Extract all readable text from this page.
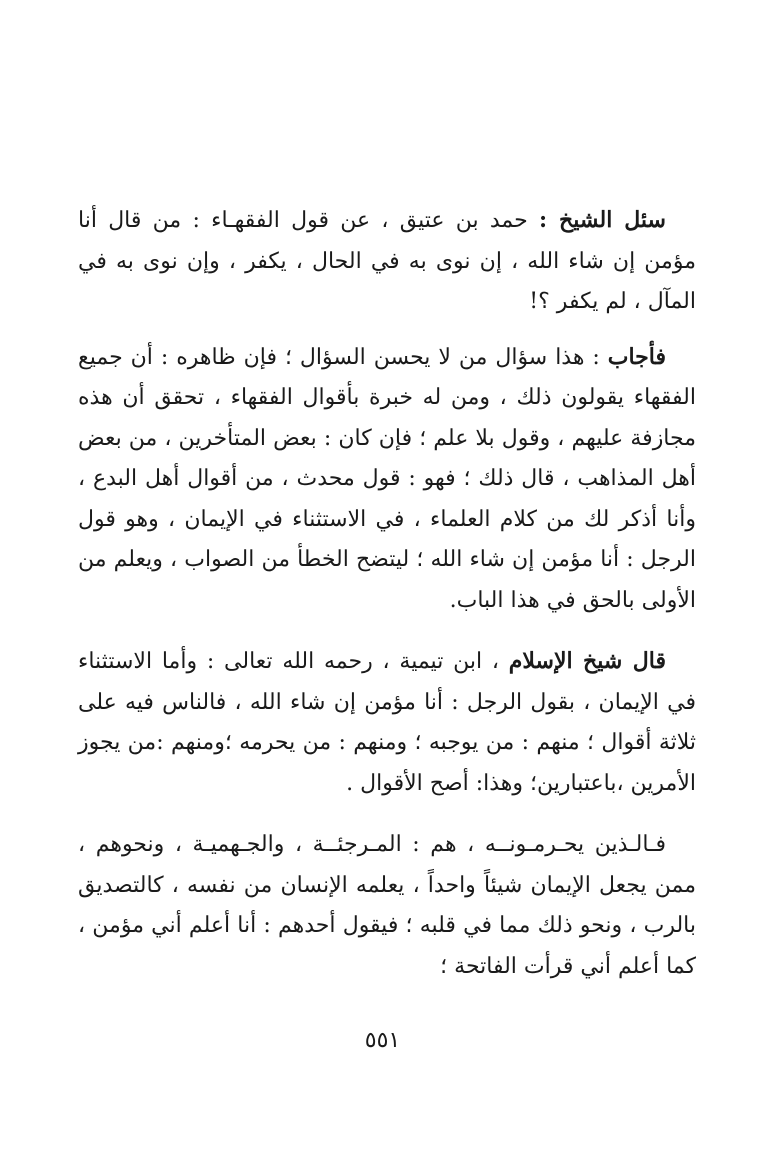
سئل الشيخ : حمد بن عتيق ، عن قول الفقهـاء : من قال أنا مؤمن إن شاء الله ، إن نوى به في الحال ، يكفر ، وإن نوى به في المآل ، لم يكفر ؟!

فأجاب : هذا سؤال من لا يحسن السؤال ؛ فإن ظاهره : أن جميع الفقهاء يقولون ذلك ، ومن له خبرة بأقوال الفقهاء ، تحقق أن هذه مجازفة عليهم ، وقول بلا علم ؛ فإن كان : بعض المتأخرين ، من بعض أهل المذاهب ، قال ذلك ؛ فهو : قول محدث ، من أقوال أهل البدع ، وأنا أذكر لك من كلام العلماء ، في الاستثناء في الإيمان ، وهو قول الرجل : أنا مؤمن إن شاء الله ؛ ليتضح الخطأ من الصواب ، ويعلم من الأولى بالحق في هذا الباب.

قال شيخ الإسلام ، ابن تيمية ، رحمه الله تعالى : وأما الاستثناء في الإيمان ، بقول الرجل : أنا مؤمن إن شاء الله ، فالناس فيه على ثلاثة أقوال ؛ منهم : من يوجبه ؛ ومنهم : من يحرمه ؛ومنهم :من يجوز الأمرين ،باعتبارين؛ وهذا: أصح الأقوال .

فـالـذين يحـرمـونــه ، هم : المـرجئــة ، والجـهميـة ، ونحوهم ، ممن يجعل الإيمان شيئاً واحداً ، يعلمه الإنسان من نفسه ، كالتصديق بالرب ، ونحو ذلك مما في قلبه ؛ فيقول أحدهم : أنا أعلم أني مؤمن ، كما أعلم أني قرأت الفاتحة ؛

٥٥١
